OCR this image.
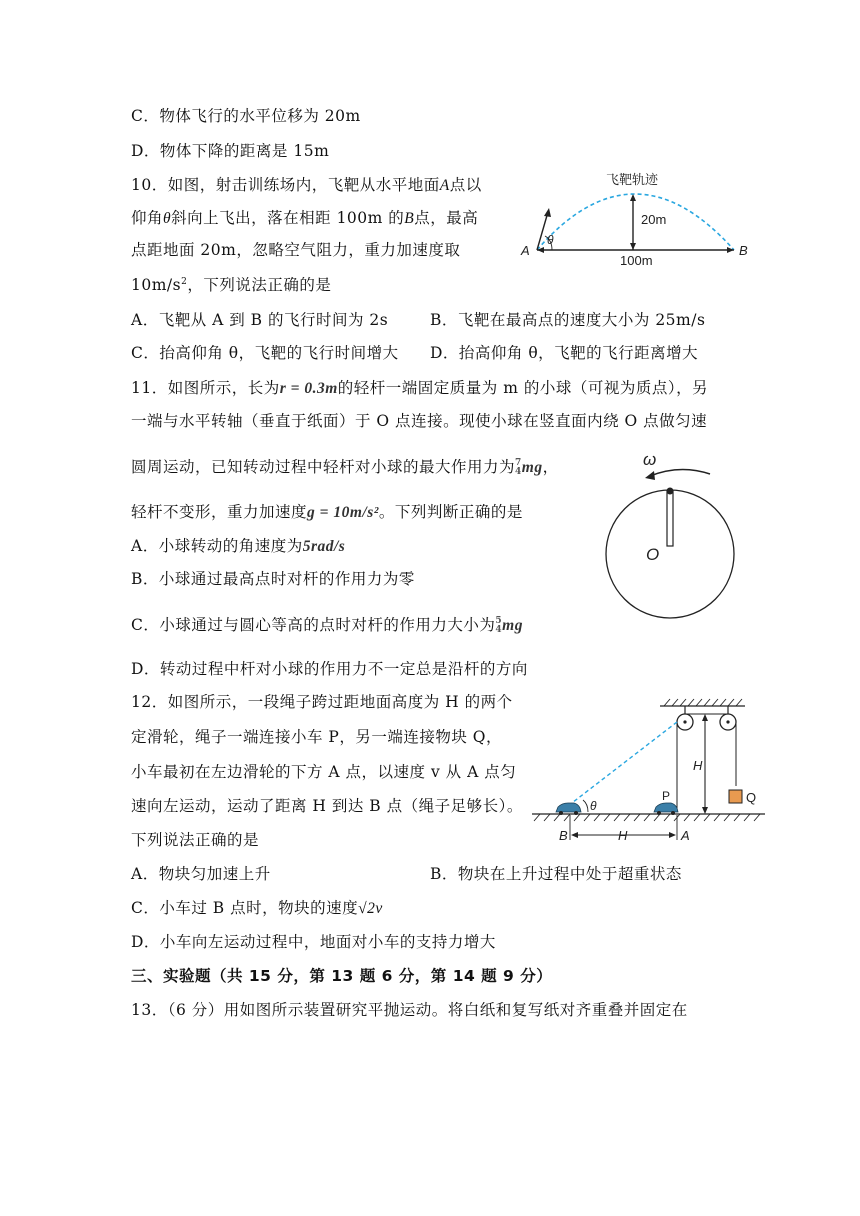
C．物体飞行的水平位移为 20m
D．物体下降的距离是 15m
10．如图，射击训练场内，飞靶从水平地面A点以
仰角θ斜向上飞出，落在相距 100m 的B点，最高
点距地面 20m，忽略空气阻力，重力加速度取
$10m/s^2$，下列说法正确的是
A．飞靶从 A 到 B 的飞行时间为 2s	B．飞靶在最高点的速度大小为 25m/s
C．抬高仰角 θ，飞靶的飞行时间增大 D．抬高仰角 θ，飞靶的飞行距离增大
飞靶轨迹
θ
20m
100m
A	B
11．如图所示，长为r = 0.3m的轻杆一端固定质量为 m 的小球（可视为质点），另
一端与水平转轴（垂直于纸面）于 O 点连接。现使小球在竖直面内绕 O 点做匀速
圆周运动，已知转动过程中轻杆对小球的最大作用力为 7
4 mg，
轻杆不变形，重力加速度g = 10m/s²。下列判断正确的是
A．小球转动的角速度为5rad/s
B．小球通过最高点时对杆的作用力为零
C．小球通过与圆心等高的点时对杆的作用力大小为 5
4 mg
D．转动过程中杆对小球的作用力不一定总是沿杆的方向
ω
O
12．如图所示，一段绳子跨过距地面高度为 H 的两个
定滑轮，绳子一端连接小车 P，另一端连接物块 Q，
小车最初在左边滑轮的下方 A 点，以速度 v 从 A 点匀
速向左运动，运动了距离 H 到达 B 点（绳子足够长）。
下列说法正确的是
A．物块匀加速上升	B．物块在上升过程中处于超重状态
C．小车过 B 点时，物块的速度√2v
D．小车向左运动过程中，地面对小车的支持力增大
H
Q
P
θ
H
B	A
三、实验题（共 15 分，第 13 题 6 分，第 14 题 9 分）
13．（6 分）用如图所示装置研究平抛运动。将白纸和复写纸对齐重叠并固定在
